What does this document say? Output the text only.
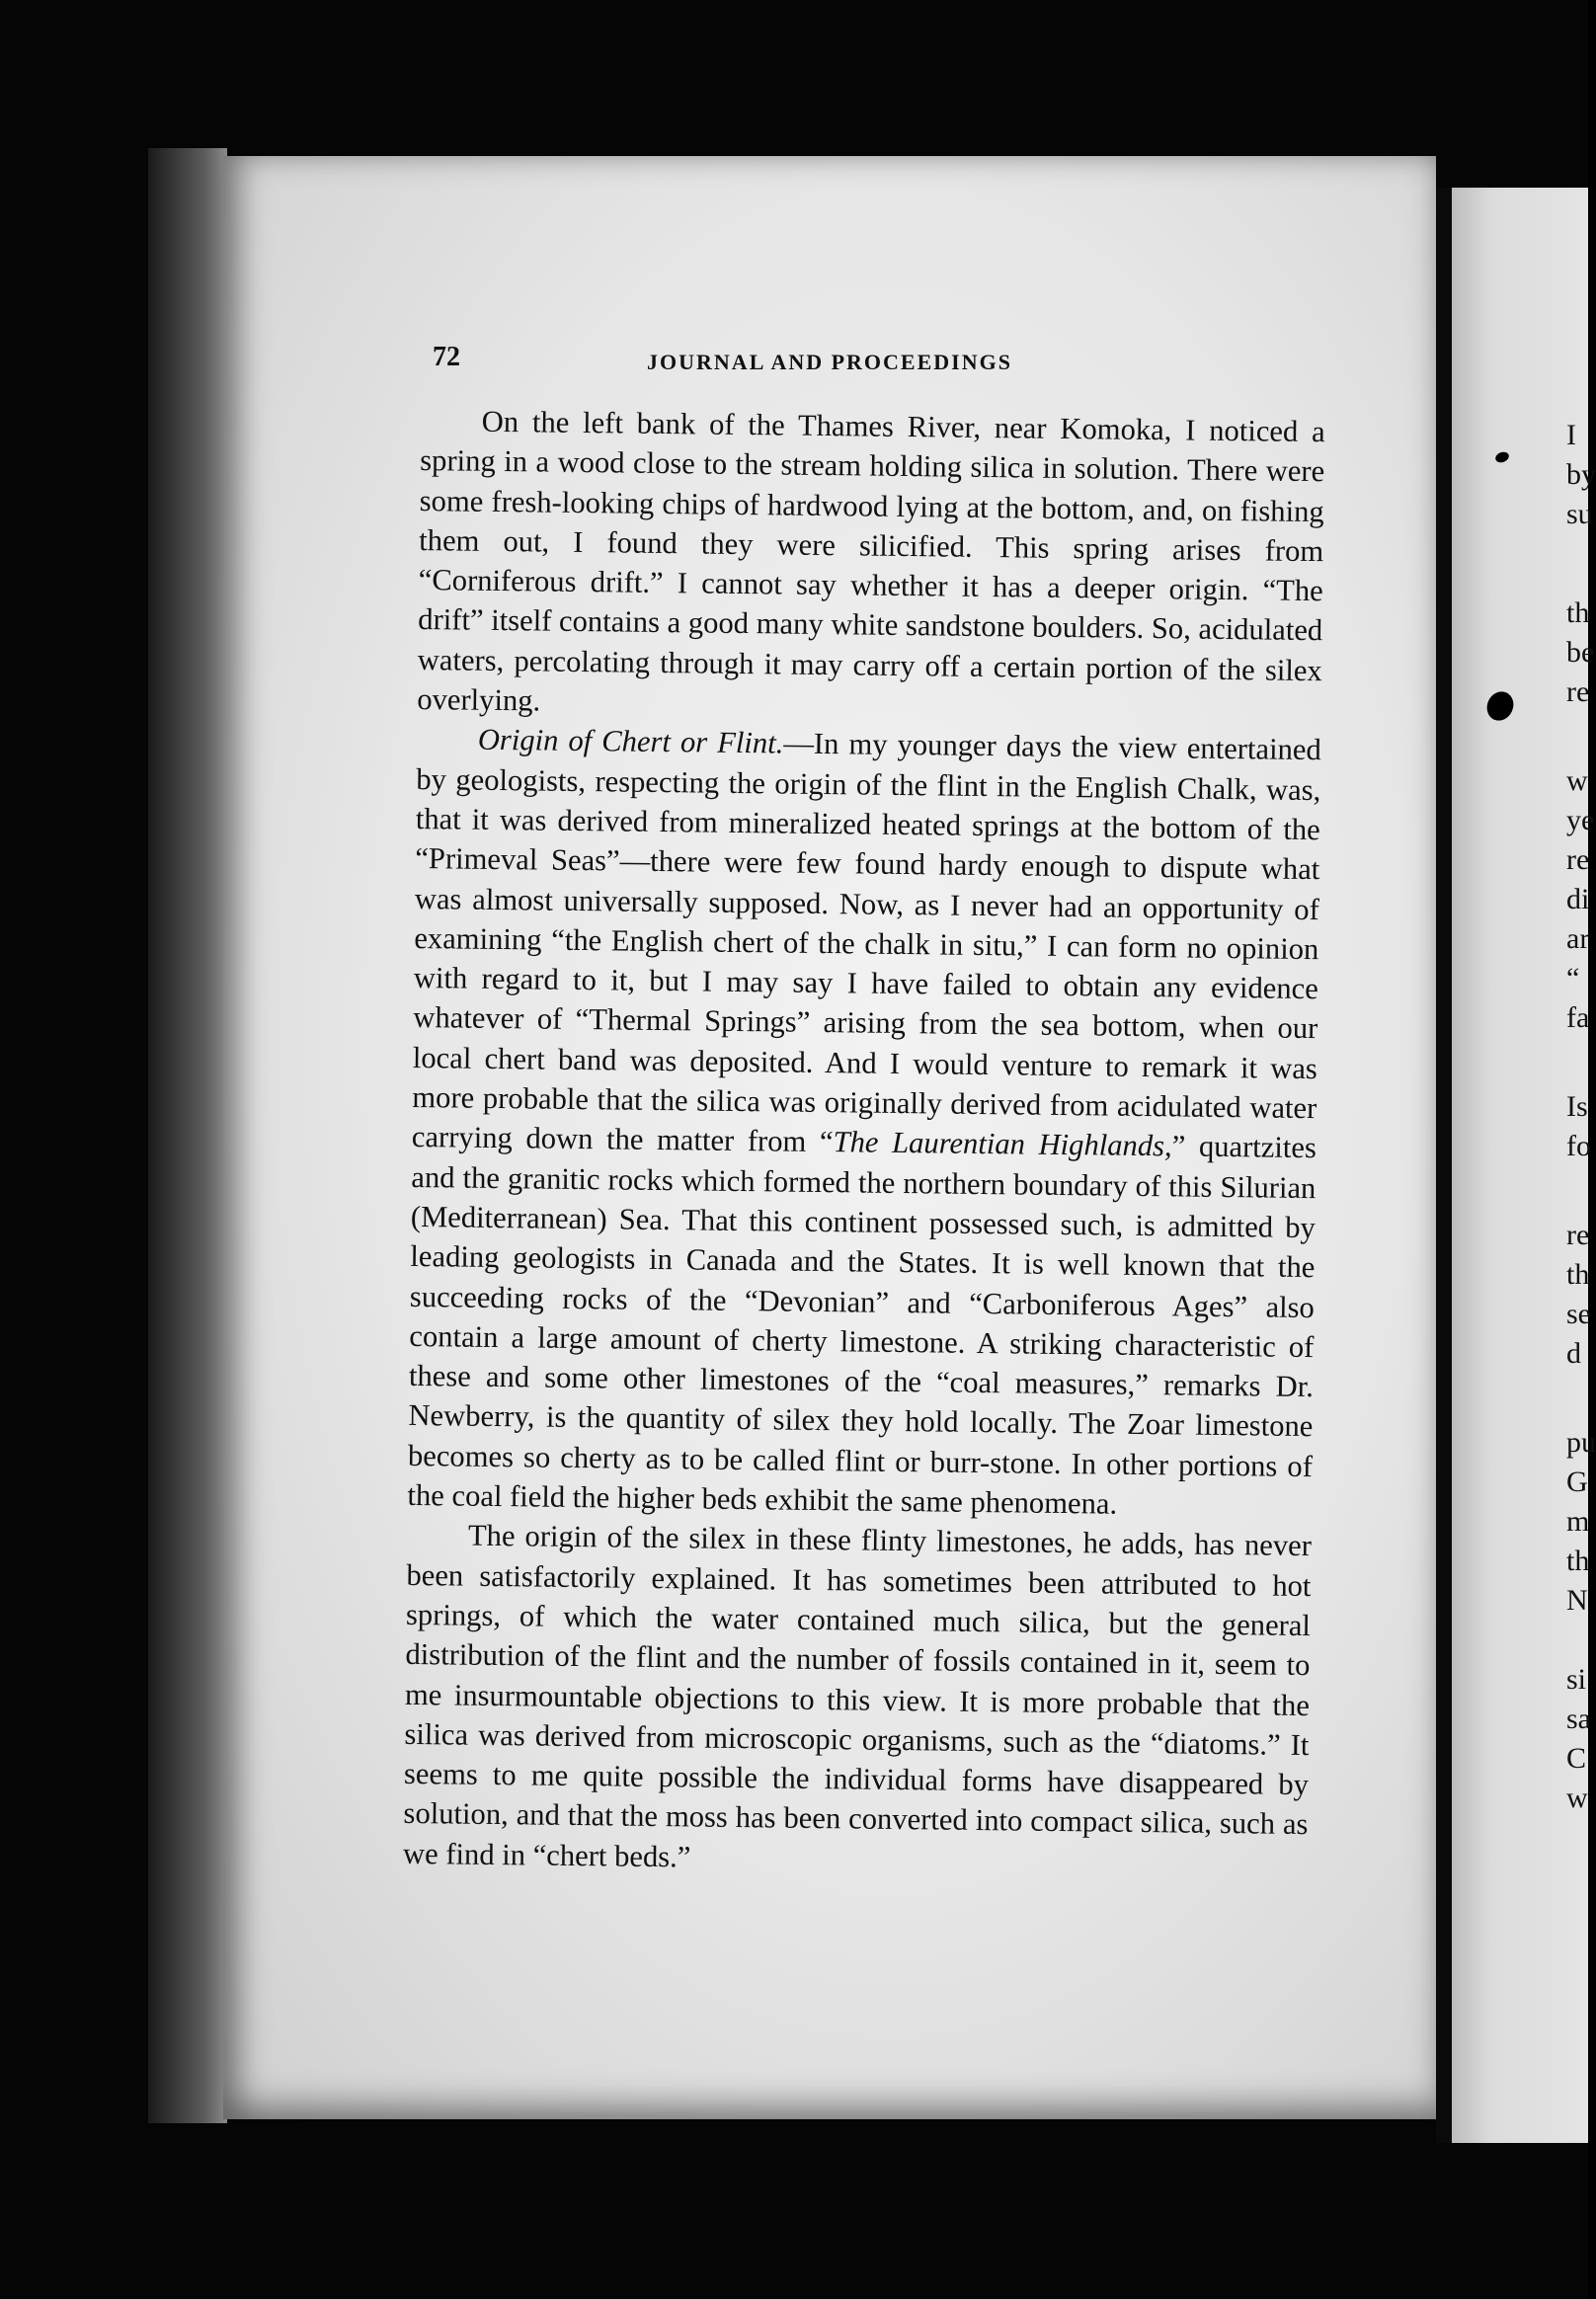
72	JOURNAL AND PROCEEDINGS

On the left bank of the Thames River, near Komoka, I noticed a spring in a wood close to the stream holding silica in solution. There were some fresh-looking chips of hardwood lying at the bottom, and, on fishing them out, I found they were silicified. This spring arises from “Corniferous drift.” I cannot say whether it has a deeper origin. “The drift” itself contains a good many white sandstone boulders. So, acidulated waters, percolating through it may carry off a certain portion of the silex overlying.

Origin of Chert or Flint.—In my younger days the view entertained by geologists, respecting the origin of the flint in the English Chalk, was, that it was derived from mineralized heated springs at the bottom of the “Primeval Seas”—there were few found hardy enough to dispute what was almost universally supposed. Now, as I never had an opportunity of examining “the English chert of the chalk in situ,” I can form no opinion with regard to it, but I may say I have failed to obtain any evidence whatever of “Thermal Springs” arising from the sea bottom, when our local chert band was deposited. And I would venture to remark it was more probable that the silica was originally derived from acidulated water carrying down the matter from “The Laurentian Highlands,” quartzites and the granitic rocks which formed the northern boundary of this Silurian (Mediterranean) Sea. That this continent possessed such, is admitted by leading geologists in Canada and the States. It is well known that the succeeding rocks of the “Devonian” and “Carboniferous Ages” also contain a large amount of cherty limestone. A striking characteristic of these and some other limestones of the “coal measures,” remarks Dr. Newberry, is the quantity of silex they hold locally. The Zoar limestone becomes so cherty as to be called flint or burr-stone. In other portions of the coal field the higher beds exhibit the same phenomena.

The origin of the silex in these flinty limestones, he adds, has never been satisfactorily explained. It has sometimes been attributed to hot springs, of which the water contained much silica, but the general distribution of the flint and the number of fossils contained in it, seem to me insurmountable objections to this view. It is more probable that the silica was derived from microscopic organisms, such as the “diatoms.” It seems to me quite possible the individual forms have disappeared by solution, and that the moss has been converted into compact silica, such as we find in “chert beds.”

I
by
su
th
be
re
w
ye
re
di
ar
“
fa
Is
fo
re
th
se
d
pu
G
m
th
N
si
sa
C
w
